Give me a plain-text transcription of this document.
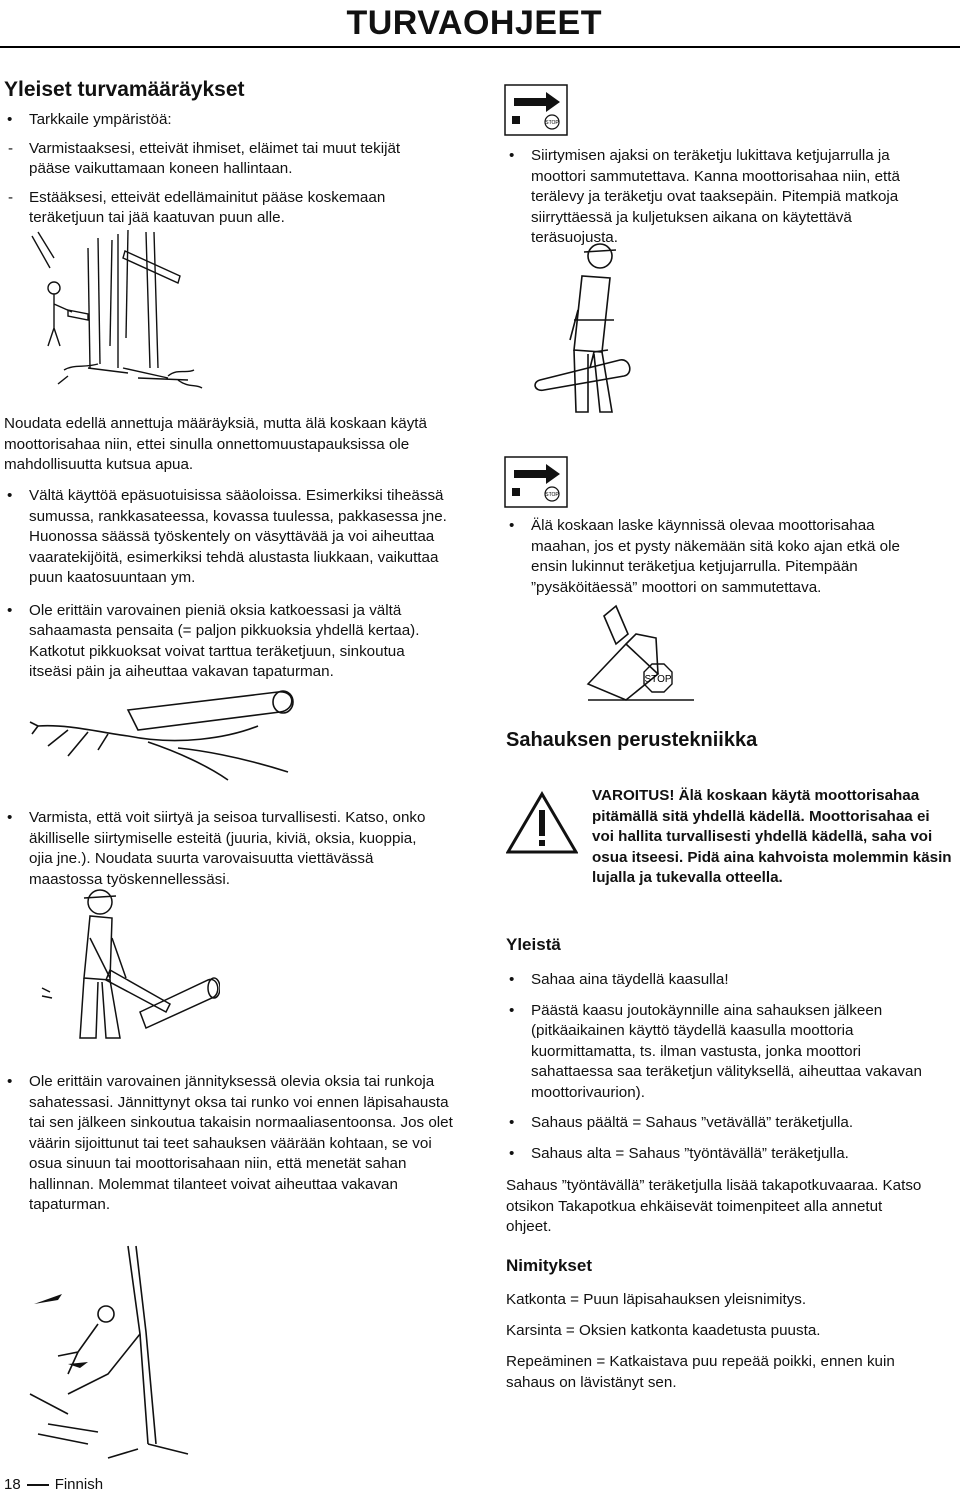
TURVAOHJEET
Yleiset turvamääräykset
• Tarkkaile ympäristöä:
- Varmistaaksesi, etteivät ihmiset, eläimet tai muut tekijät pääse vaikuttamaan koneen hallintaan.
- Estääksesi, etteivät edellämainitut pääse koskemaan teräketjuun tai jää kaatuvan puun alle.

Noudata edellä annettuja määräyksiä, mutta älä koskaan käytä moottorisahaa niin, ettei sinulla onnettomuustapauksissa ole mahdollisuutta kutsua apua.

• Vältä käyttöä epäsuotuisissa sääoloissa. Esimerkiksi tiheässä sumussa, rankkasateessa, kovassa tuulessa, pakkasessa jne. Huonossa säässä työskentely on väsyttävää ja voi aiheuttaa vaaratekijöitä, esimerkiksi tehdä alustasta liukkaan, vaikuttaa puun kaatosuuntaan ym.
• Ole erittäin varovainen pieniä oksia katkoessasi ja vältä sahaamasta pensaita (= paljon pikkuoksia yhdellä kertaa). Katkotut pikkuoksat voivat tarttua teräketjuun, sinkoutua itseäsi päin ja aiheuttaa vakavan tapaturman.
• Varmista, että voit siirtyä ja seisoa turvallisesti. Katso, onko äkilliselle siirtymiselle esteitä (juuria, kiviä, oksia, kuoppia, ojia jne.). Noudata suurta varovaisuutta viettävässä maastossa työskennellessäsi.
• Ole erittäin varovainen jännityksessä olevia oksia tai runkoja sahatessasi. Jännittynyt oksa tai runko voi ennen läpisahausta tai sen jälkeen sinkoutua takaisin normaaliasentoonsa. Jos olet väärin sijoittunut tai teet sahauksen väärään kohtaan, se voi osua sinuun tai moottorisahaan niin, että menetät sahan hallinnan. Molemmat tilanteet voivat aiheuttaa vakavan tapaturman.
18 Finnish
STOP
• Siirtymisen ajaksi on teräketju lukittava ketjujarrulla ja moottori sammutettava. Kanna moottorisahaa niin, että terälevy ja teräketju ovat taaksepäin. Pitempiä matkoja siirryttäessä ja kuljetuksen aikana on käytettävä teräsuojusta.
STOP
• Älä koskaan laske käynnissä olevaa moottorisahaa maahan, jos et pysty näkemään sitä koko ajan etkä ole ensin lukinnut teräketjua ketjujarrulla. Pitempään ”pysäköitäessä” moottori on sammutettava.
STOP
Sahauksen perustekniikka
VAROITUS! Älä koskaan käytä moottorisahaa pitämällä sitä yhdellä kädellä. Moottorisahaa ei voi hallita turvallisesti yhdellä kädellä, saha voi osua itseesi. Pidä aina kahvoista molemmin käsin lujalla ja tukevalla otteella.
Yleistä
• Sahaa aina täydellä kaasulla!
• Päästä kaasu joutokäynnille aina sahauksen jälkeen (pitkäaikainen käyttö täydellä kaasulla moottoria kuormittamatta, ts. ilman vastusta, jonka moottori sahattaessa saa teräketjun välityksellä, aiheuttaa vakavan moottorivaurion).
• Sahaus päältä = Sahaus ”vetävällä” teräketjulla.
• Sahaus alta = Sahaus ”työntävällä” teräketjulla.

Sahaus ”työntävällä” teräketjulla lisää takapotkuvaaraa. Katso otsikon Takapotkua ehkäisevät toimenpiteet alla annetut ohjeet.

Nimitykset

Katkonta = Puun läpisahauksen yleisnimitys.

Karsinta = Oksien katkonta kaadetusta puusta.

Repeäminen = Katkaistava puu repeää poikki, ennen kuin sahaus on lävistänyt sen.
